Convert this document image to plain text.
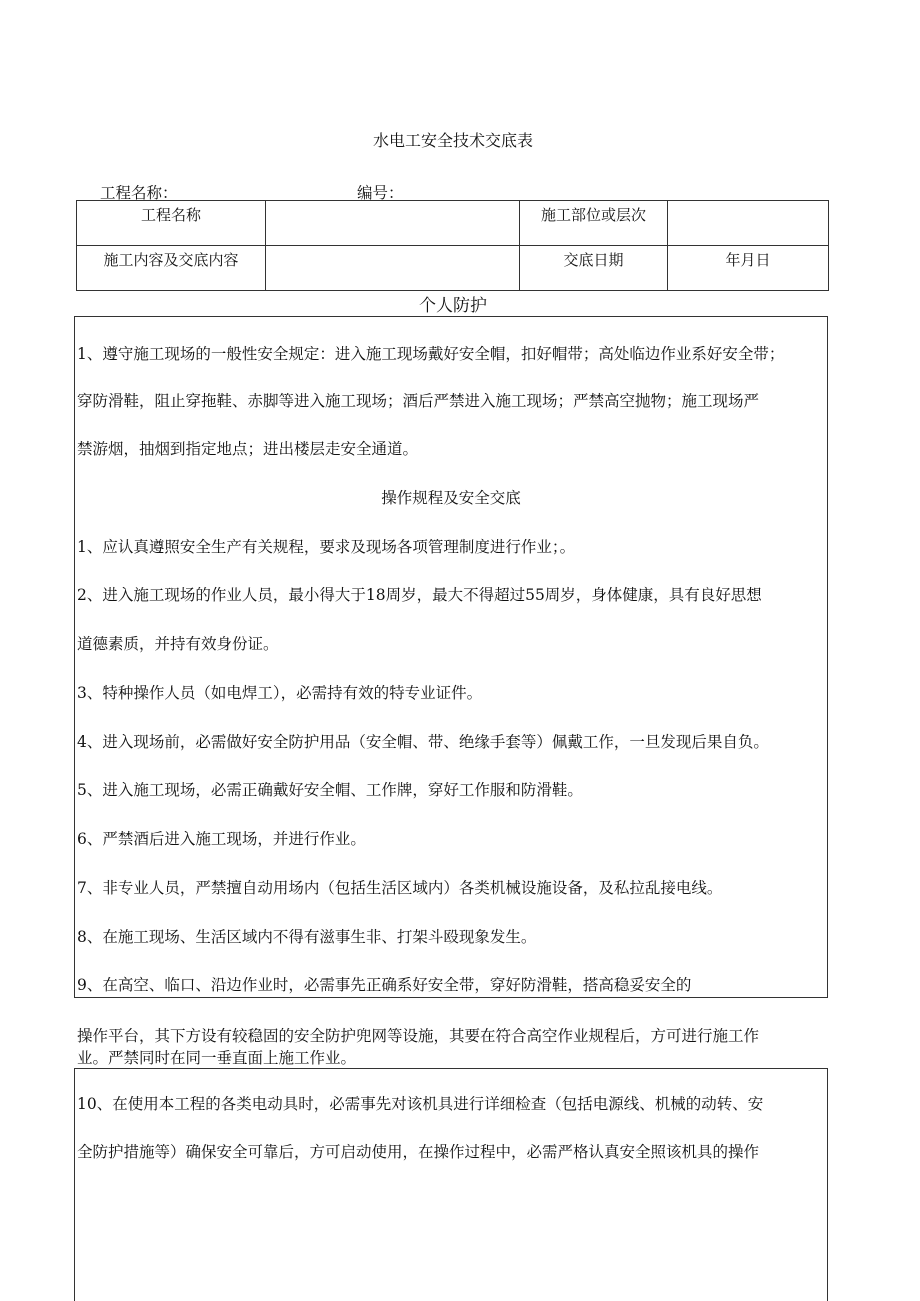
水电工安全技术交底表
工程名称：	编号：
工程名称		施工部位或层次	

施工内容及交底内容		交底日期	年月日
个人防护
1、遵守施工现场的一般性安全规定：进入施工现场戴好安全帽，扣好帽带；高处临边作业系好安全带；
穿防滑鞋，阻止穿拖鞋、赤脚等进入施工现场；酒后严禁进入施工现场；严禁高空抛物；施工现场严
禁游烟，抽烟到指定地点；进出楼层走安全通道。
操作规程及安全交底
1、应认真遵照安全生产有关规程，要求及现场各项管理制度进行作业；。
2、进入施工现场的作业人员，最小得大于18周岁，最大不得超过55周岁，身体健康，具有良好思想
道德素质，并持有效身份证。
3、特种操作人员（如电焊工），必需持有效的特专业证件。
4、进入现场前，必需做好安全防护用品（安全帽、带、绝缘手套等）佩戴工作，一旦发现后果自负。
5、进入施工现场，必需正确戴好安全帽、工作牌，穿好工作服和防滑鞋。
6、严禁酒后进入施工现场，并进行作业。
7、非专业人员，严禁擅自动用场内（包括生活区域内）各类机械设施设备，及私拉乱接电线。
8、在施工现场、生活区域内不得有滋事生非、打架斗殴现象发生。
9、在高空、临口、沿边作业时，必需事先正确系好安全带，穿好防滑鞋，搭高稳妥安全的
操作平台，其下方设有较稳固的安全防护兜网等设施，其要在符合高空作业规程后，方可进行施工作
业。严禁同时在同一垂直面上施工作业。
10、在使用本工程的各类电动具时，必需事先对该机具进行详细检查（包括电源线、机械的动转、安
全防护措施等）确保安全可靠后，方可启动使用，在操作过程中，必需严格认真安全照该机具的操作
